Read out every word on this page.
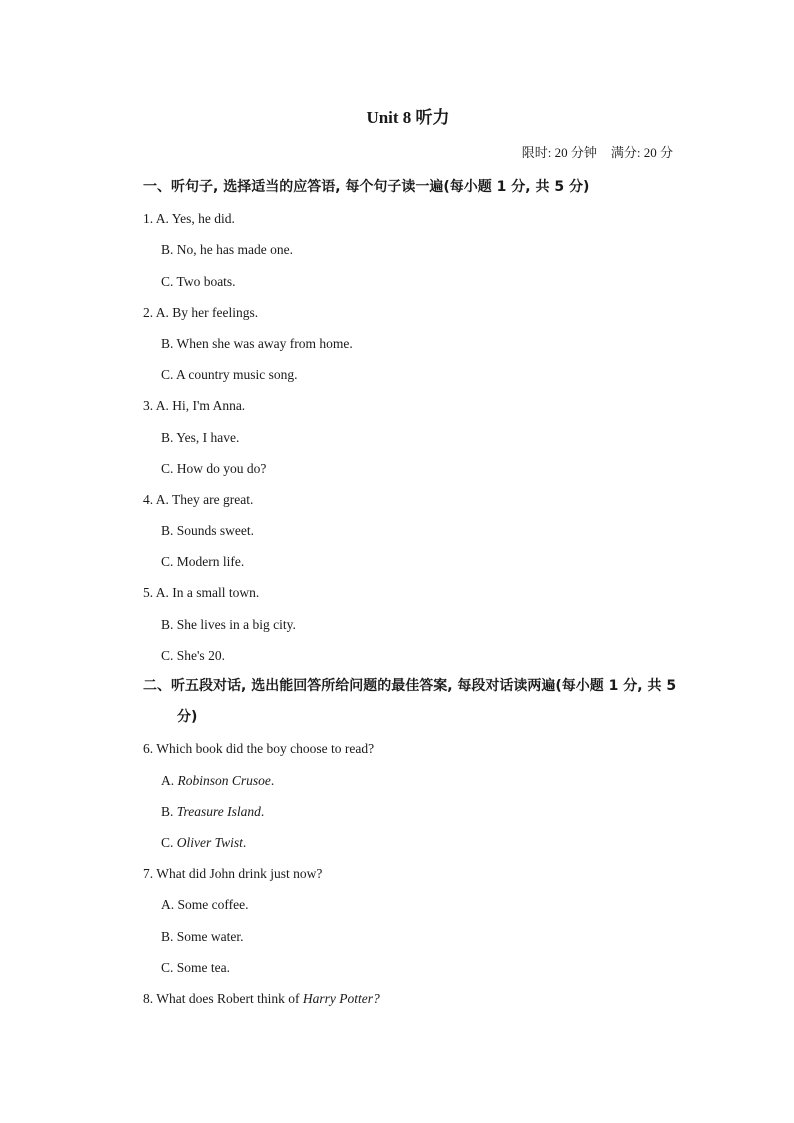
Unit 8 听力
限时: 20 分钟 满分: 20 分
一、听句子, 选择适当的应答语, 每个句子读一遍(每小题 1 分, 共 5 分)
1. A. Yes, he did.
B. No, he has made one.
C. Two boats.
2. A. By her feelings.
B. When she was away from home.
C. A country music song.
3. A. Hi, I'm Anna.
B. Yes, I have.
C. How do you do?
4. A. They are great.
B. Sounds sweet.
C. Modern life.
5. A. In a small town.
B. She lives in a big city.
C. She's 20.
二、听五段对话, 选出能回答所给问题的最佳答案, 每段对话读两遍(每小题 1 分, 共 5 分)
6. Which book did the boy choose to read?
A. Robinson Crusoe.
B. Treasure Island.
C. Oliver Twist.
7. What did John drink just now?
A. Some coffee.
B. Some water.
C. Some tea.
8. What does Robert think of Harry Potter?
